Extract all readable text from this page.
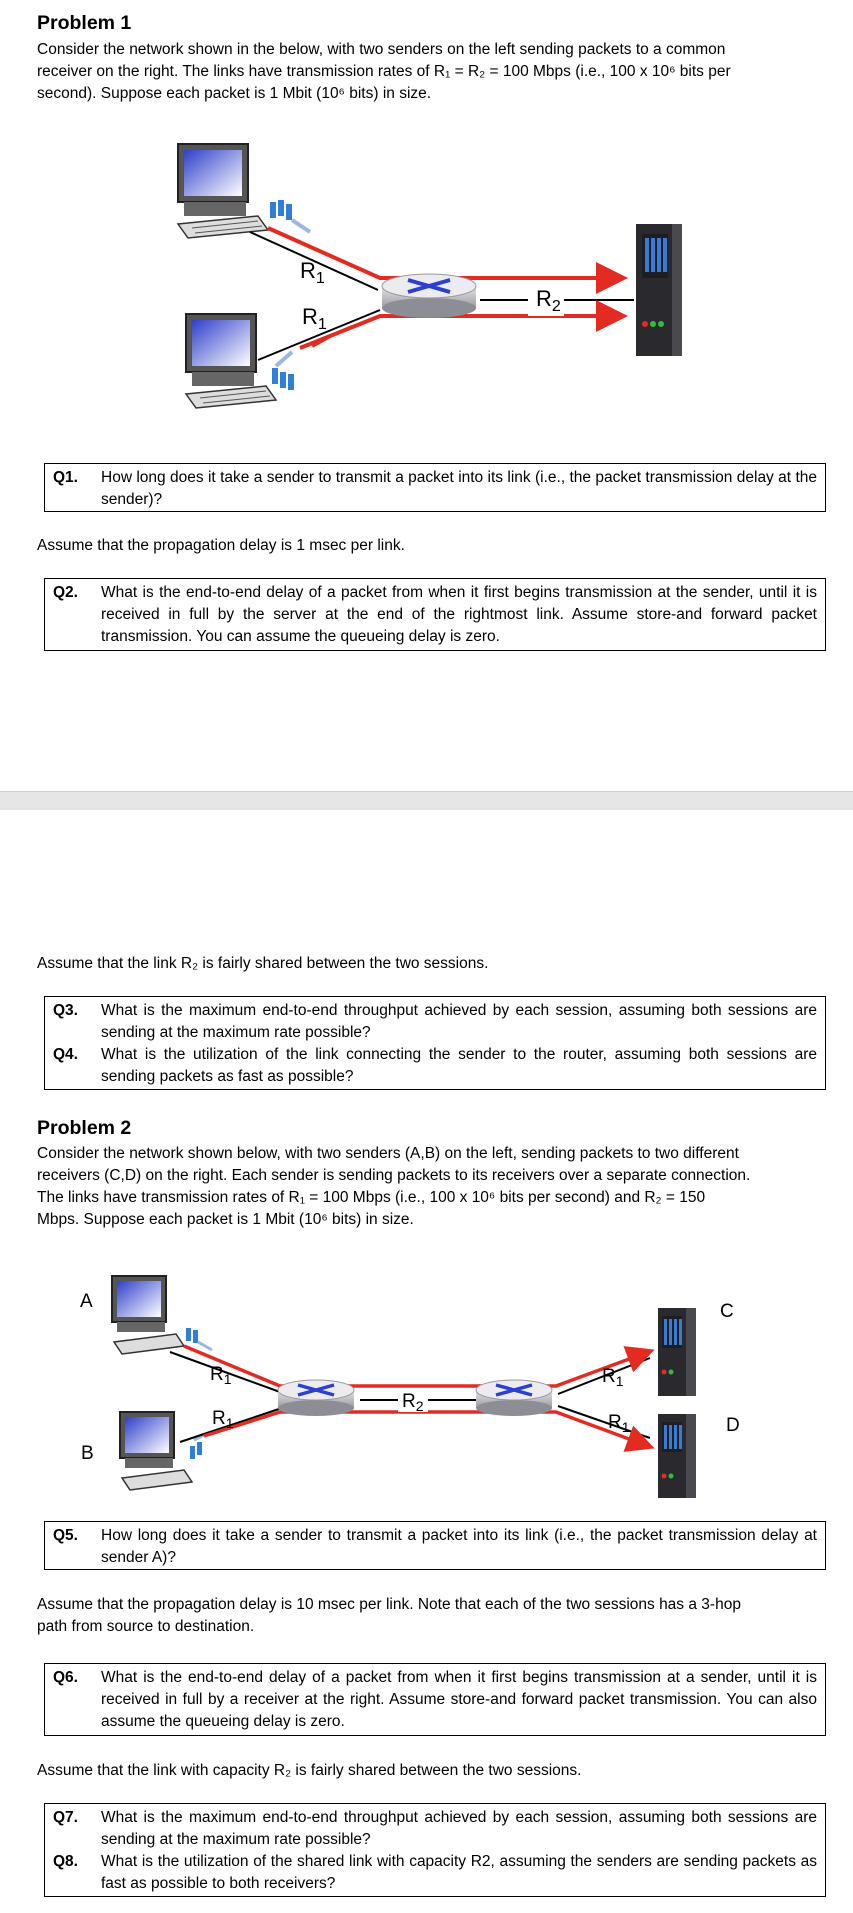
Problem 1
Consider the network shown in the below, with two senders on the left sending packets to a common
receiver on the right. The links have transmission rates of R₁ = R₂ = 100 Mbps (i.e., 100 x 10⁶ bits per
second). Suppose each packet is 1 Mbit (10⁶ bits) in size.
$R_1$
$R_1$
$R_2$
Q1.	How long does it take a sender to transmit a packet into its link (i.e., the packet transmission delay at the sender)?
Assume that the propagation delay is 1 msec per link.
Q2.	What is the end-to-end delay of a packet from when it first begins transmission at the sender, until it is received in full by the server at the end of the rightmost link. Assume store-and forward packet transmission. You can assume the queueing delay is zero.
Assume that the link R₂ is fairly shared between the two sessions.
Q3.	What is the maximum end-to-end throughput achieved by each session, assuming both sessions are sending at the maximum rate possible?
Q4.	What is the utilization of the link connecting the sender to the router, assuming both sessions are sending packets as fast as possible?
Problem 2
Consider the network shown below, with two senders (A,B) on the left, sending packets to two different
receivers (C,D) on the right. Each sender is sending packets to its receivers over a separate connection.
The links have transmission rates of R₁ = 100 Mbps (i.e., 100 x 10⁶ bits per second) and R₂ = 150
Mbps. Suppose each packet is 1 Mbit (10⁶ bits) in size.
$R_1$
$R_1$
$R_2$
$R_1$
$R_1$
A
B
C
D
Q5.	How long does it take a sender to transmit a packet into its link (i.e., the packet transmission delay at sender A)?
Assume that the propagation delay is 10 msec per link. Note that each of the two sessions has a 3-hop
path from source to destination.
Q6.	What is the end-to-end delay of a packet from when it first begins transmission at a sender, until it is received in full by a receiver at the right. Assume store-and forward packet transmission. You can also assume the queueing delay is zero.
Assume that the link with capacity R₂ is fairly shared between the two sessions.
Q7.	What is the maximum end-to-end throughput achieved by each session, assuming both sessions are sending at the maximum rate possible?
Q8.	What is the utilization of the shared link with capacity R2, assuming the senders are sending packets as fast as possible to both receivers?
